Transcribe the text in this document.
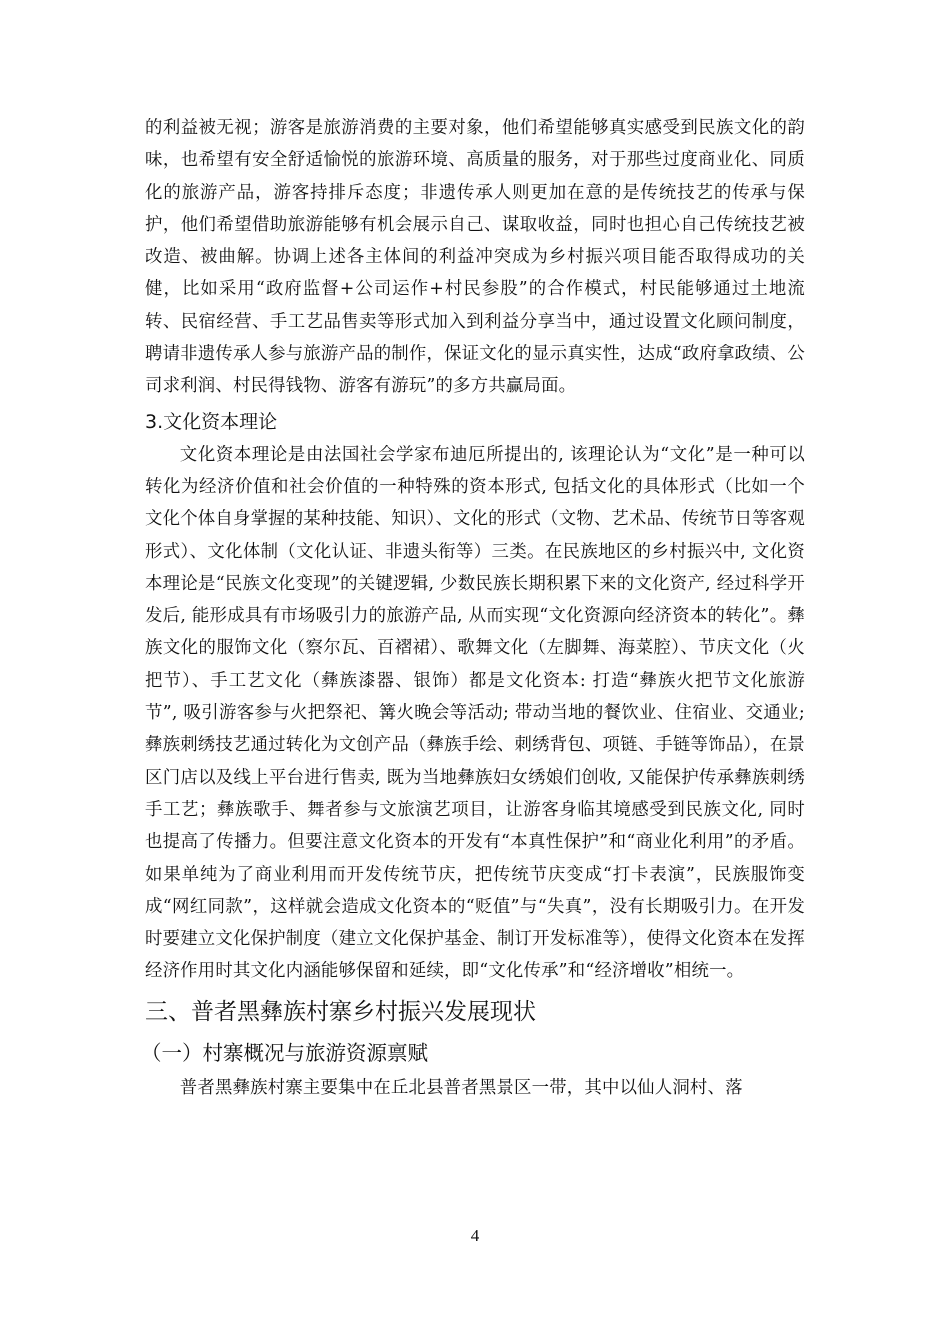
的利益被无视；游客是旅游消费的主要对象，他们希望能够真实感受到民族文化的韵味，也希望有安全舒适愉悦的旅游环境、高质量的服务，对于那些过度商业化、同质化的旅游产品，游客持排斥态度；非遗传承人则更加在意的是传统技艺的传承与保护，他们希望借助旅游能够有机会展示自己、谋取收益，同时也担心自己传统技艺被改造、被曲解。协调上述各主体间的利益冲突成为乡村振兴项目能否取得成功的关健，比如采用“政府监督+公司运作+村民参股”的合作模式，村民能够通过土地流转、民宿经营、手工艺品售卖等形式加入到利益分享当中，通过设置文化顾问制度，聘请非遗传承人参与旅游产品的制作，保证文化的显示真实性，达成“政府拿政绩、公司求利润、村民得钱物、游客有游玩”的多方共赢局面。

3.文化资本理论

文化资本理论是由法国社会学家布迪厄所提出的, 该理论认为“文化”是一种可以转化为经济价值和社会价值的一种特殊的资本形式, 包括文化的具体形式（比如一个文化个体自身掌握的某种技能、知识）、文化的形式（文物、艺术品、传统节日等客观形式）、文化体制（文化认证、非遗头衔等）三类。在民族地区的乡村振兴中, 文化资本理论是“民族文化变现”的关键逻辑, 少数民族长期积累下来的文化资产, 经过科学开发后, 能形成具有市场吸引力的旅游产品, 从而实现“文化资源向经济资本的转化”。彝族文化的服饰文化（察尔瓦、百褶裙）、歌舞文化（左脚舞、海菜腔）、节庆文化（火把节）、手工艺文化（彝族漆器、银饰）都是文化资本: 打造“彝族火把节文化旅游节”, 吸引游客参与火把祭祀、篝火晚会等活动; 带动当地的餐饮业、住宿业、交通业; 彝族刺绣技艺通过转化为文创产品（彝族手绘、刺绣背包、项链、手链等饰品），在景区门店以及线上平台进行售卖, 既为当地彝族妇女绣娘们创收, 又能保护传承彝族刺绣手工艺；彝族歌手、舞者参与文旅演艺项目，让游客身临其境感受到民族文化, 同时也提高了传播力。但要注意文化资本的开发有“本真性保护”和“商业化利用”的矛盾。如果单纯为了商业利用而开发传统节庆，把传统节庆变成“打卡表演”，民族服饰变成“网红同款”，这样就会造成文化资本的“贬值”与“失真”，没有长期吸引力。在开发时要建立文化保护制度（建立文化保护基金、制订开发标准等），使得文化资本在发挥经济作用时其文化内涵能够保留和延续，即“文化传承”和“经济增收”相统一。

三、普者黑彝族村寨乡村振兴发展现状
（一）村寨概况与旅游资源禀赋

普者黑彝族村寨主要集中在丘北县普者黑景区一带，其中以仙人洞村、落

4
